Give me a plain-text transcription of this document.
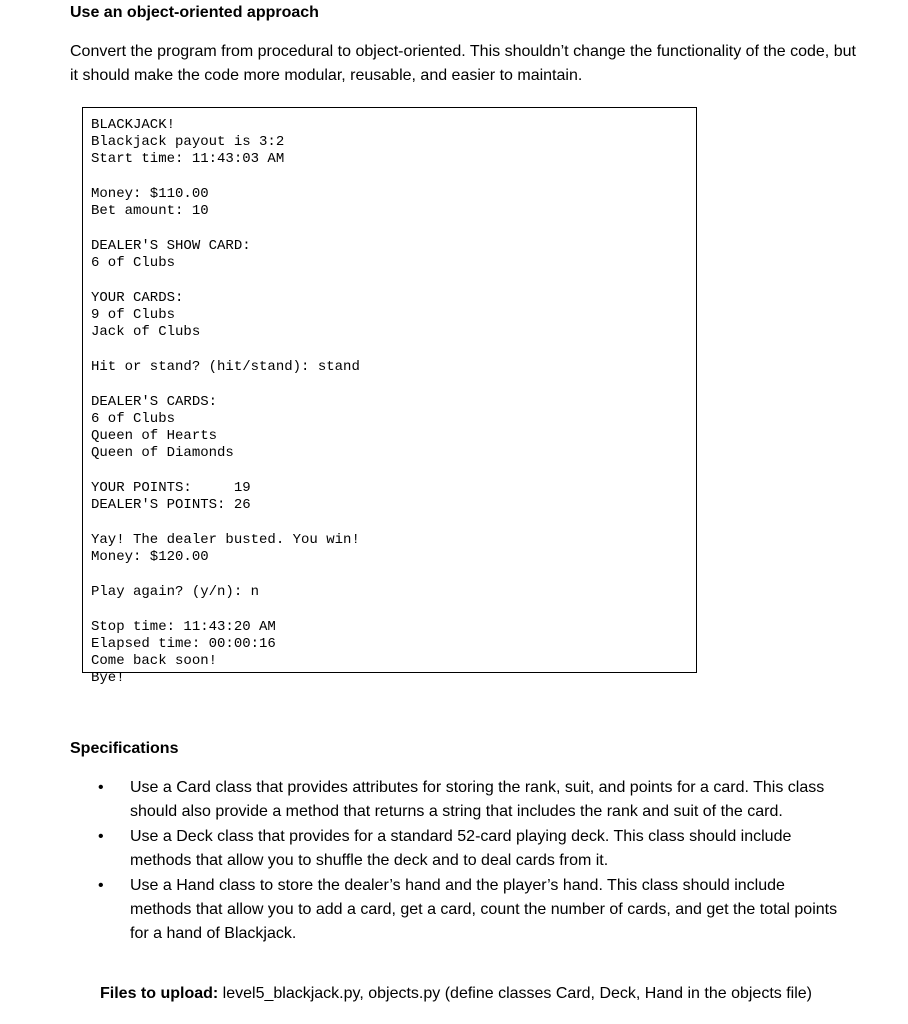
Use an object-oriented approach
Convert the program from procedural to object-oriented. This shouldn’t change the functionality of the code, but it should make the code more modular, reusable, and easier to maintain.
BLACKJACK!
Blackjack payout is 3:2
Start time: 11:43:03 AM
Money: $110.00
Bet amount: 10
DEALER'S SHOW CARD:
6 of Clubs
YOUR CARDS:
9 of Clubs
Jack of Clubs
Hit or stand? (hit/stand): stand
DEALER'S CARDS:
6 of Clubs
Queen of Hearts
Queen of Diamonds
YOUR POINTS:     19
DEALER'S POINTS: 26
Yay! The dealer busted. You win!
Money: $120.00
Play again? (y/n): n
Stop time: 11:43:20 AM
Elapsed time: 00:00:16
Come back soon!
Bye!
Specifications
• Use a Card class that provides attributes for storing the rank, suit, and points for a card. This class should also provide a method that returns a string that includes the rank and suit of the card.
• Use a Deck class that provides for a standard 52-card playing deck. This class should include methods that allow you to shuffle the deck and to deal cards from it.
• Use a Hand class to store the dealer’s hand and the player’s hand. This class should include methods that allow you to add a card, get a card, count the number of cards, and get the total points for a hand of Blackjack.
Files to upload: level5_blackjack.py, objects.py (define classes Card, Deck, Hand in the objects file)
